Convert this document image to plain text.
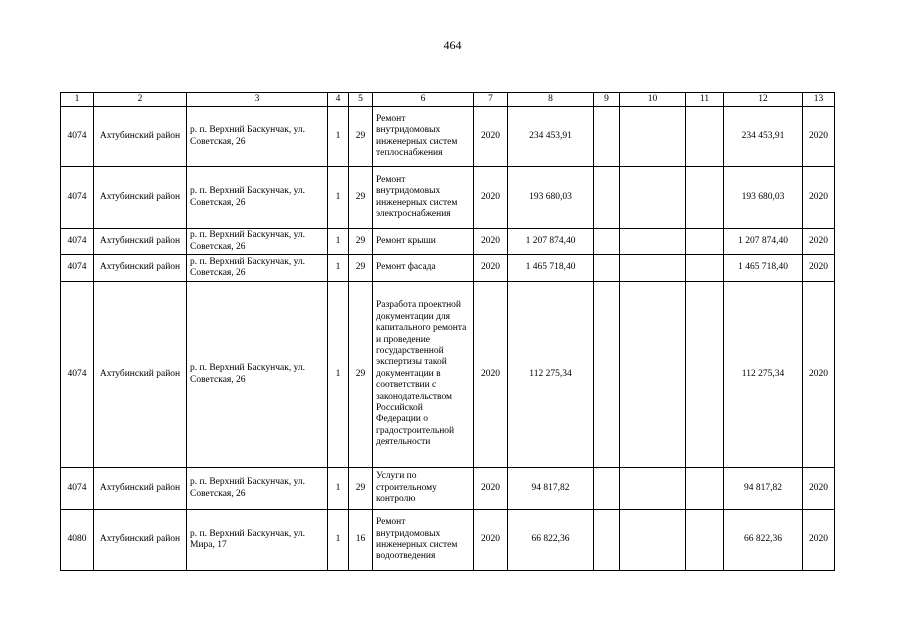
464
1	2	3	4	5	6	7	8	9	10	11	12	13
4074	Ахтубинский район	р. п. Верхний Баскунчак, ул. Советская, 26	1	29	Ремонт внутридомовых инженерных систем теплоснабжения	2020	234 453,91				234 453,91	2020
4074	Ахтубинский район	р. п. Верхний Баскунчак, ул. Советская, 26	1	29	Ремонт внутридомовых инженерных систем электроснабжения	2020	193 680,03				193 680,03	2020
4074	Ахтубинский район	р. п. Верхний Баскунчак, ул. Советская, 26	1	29	Ремонт крыши	2020	1 207 874,40				1 207 874,40	2020
4074	Ахтубинский район	р. п. Верхний Баскунчак, ул. Советская, 26	1	29	Ремонт фасада	2020	1 465 718,40				1 465 718,40	2020
4074	Ахтубинский район	р. п. Верхний Баскунчак, ул. Советская, 26	1	29	Разработа проектной документации для капитального ремонта и проведение государственной экспертизы такой документации в соответствии с законодательством Российской Федерации о градостроительной деятельности	2020	112 275,34				112 275,34	2020
4074	Ахтубинский район	р. п. Верхний Баскунчак, ул. Советская, 26	1	29	Услуги по строительному контролю	2020	94 817,82				94 817,82	2020
4080	Ахтубинский район	р. п. Верхний Баскунчак, ул. Мира, 17	1	16	Ремонт внутридомовых инженерных систем водоотведения	2020	66 822,36				66 822,36	2020
